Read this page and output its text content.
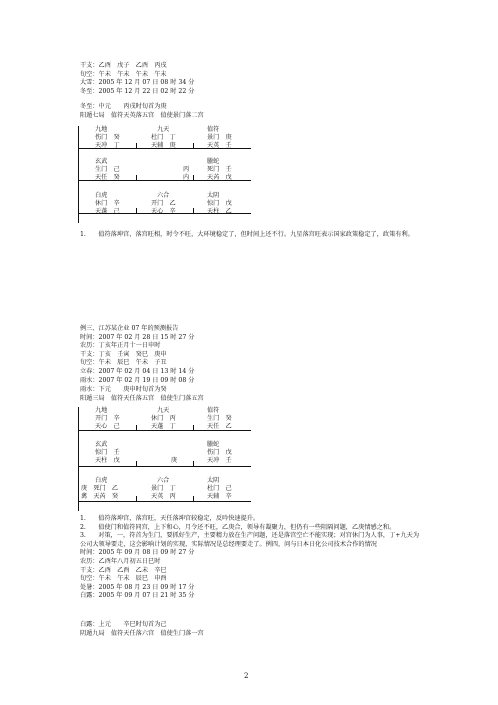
干支：乙酉　戊子　乙酉　丙戌
旬空：午未　午未　午未　午未
大雪：2005 年 12 月 07 日 08 时 34 分
冬至：2005 年 12 月 22 日 02 时 22 分
冬至：中元　　丙戌时旬首为庚
阳遁七局　值符天英落五宫　值使景门落二宫
九地	九天	值符
伤门　癸	杜门　丁	景门　庚
天冲　丁	天辅　庚	天英　壬
玄武	螣蛇
生门　己	丙	死门　壬
天任　癸	内	天芮　戊
白虎	六合	太阴
休门　辛	开门　乙	惊门　戊
天蓬　己	天心　辛	天柱　乙
1.　　值符落坤宫，落宫旺相，时令不旺，大环境稳定了，但时间上还不行。九星落宫旺表示国家政策稳定了，政策有利。
例三、江苏某企业 07 年的预测报告
时间：2007 年 02 月 28 日 15 时 27 分
农历：丁亥年正月十一日申时
干支：丁亥　壬寅　癸巳　庚申
旬空：午未　辰巳　午未　子丑
立春：2007 年 02 月 04 日 13 时 14 分
雨水：2007 年 02 月 19 日 09 时 08 分
雨水：下元　　庚申时旬首为癸
阳遁三局　值符天任落五宫　值使生门落五宫
九地	九天	值符
开门　辛	休门　丙	生门　癸
天心　己	天蓬　丁	天任　乙
玄武	螣蛇
惊门　壬	伤门　戊
天柱　戊	庚	天冲　壬
白虎	六合	太阴
庚　死门　乙	景门　丁	杜门　己
禽　天芮　癸	天英　丙	天辅　辛
1.　　值符落坤宫，落宫旺，天任落坤宫较稳定，反吟快速提升。
2.　　值使门和值符同宫，上下和心，月令还不旺，乙庚合，领导有凝聚力，但仍有一些阻隔问题，乙庚情感之和。
3.　　对策，一，符首为生门，要抓好生产，主要精力放在生产问题，还是落宫空亡不能实现；对宫休门为人事，丁+九天为公司大领导要走，这会影响计划的实现，实际情况是总经理要走了。例四，问与日本日化公司技术合作的情况
时间：2005 年 09 月 08 日 09 时 27 分
农历：乙酉年八月初五日巳时
干支：乙酉　乙酉　乙未　辛巳
旬空：午未　午未　辰巳　申酉
处暑：2005 年 08 月 23 日 09 时 17 分
白露：2005 年 09 月 07 日 21 时 35 分
白露：上元　　辛巳时旬首为己
阴遁九局　值符天任落六宫　值使生门落一宫
2
